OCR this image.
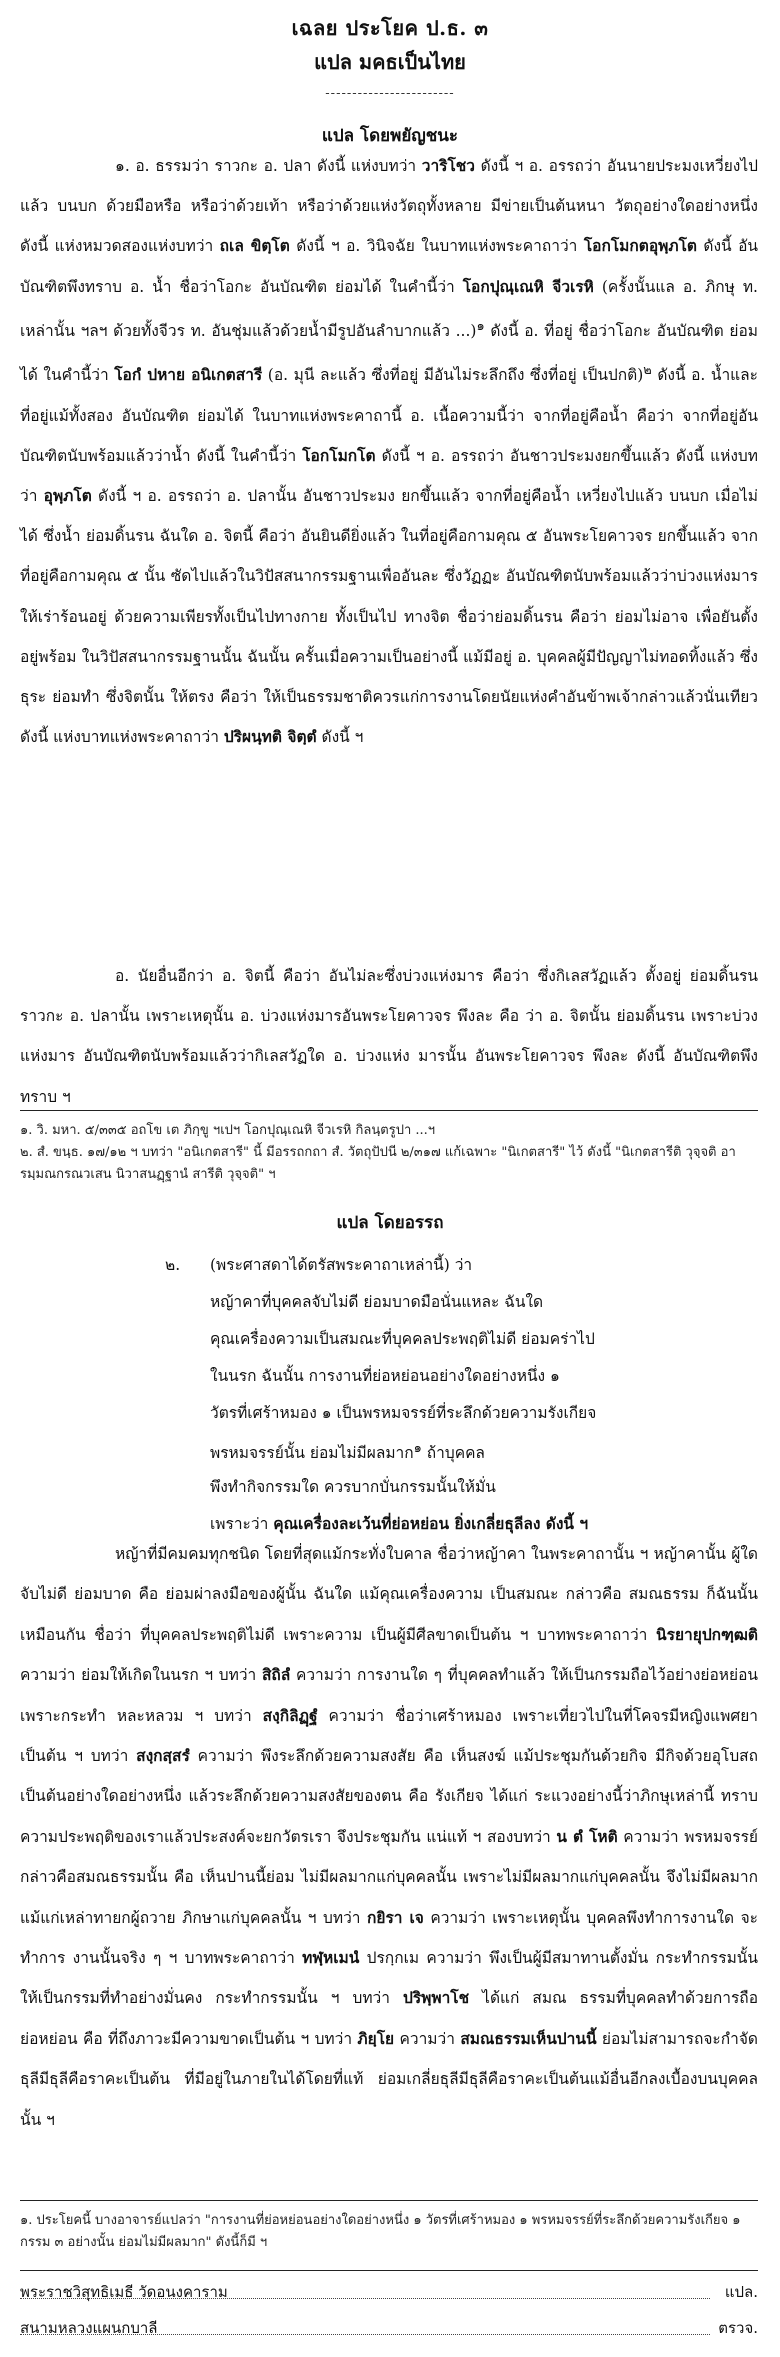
เฉลย ประโยค ป.ธ. ๓
แปล มคธเป็นไทย
------------------------
แปล โดยพยัญชนะ

๑. อ. ธรรมว่า ราวกะ อ. ปลา ดังนี้ แห่งบทว่า วาริโชว ดังนี้ ฯ อ. อรรถว่า อันนายประมงเหวี่ยงไปแล้ว บนบก ด้วยมือหรือ หรือว่าด้วยเท้า หรือว่าด้วยแห่งวัตถุทั้งหลาย มีข่ายเป็นต้นหนา วัตถุอย่างใดอย่างหนึ่ง ดังนี้ แห่งหมวดสองแห่งบทว่า ถเล ขิตฺโต ดังนี้ ฯ อ. วินิจฉัย ในบาทแห่งพระคาถาว่า โอกโมกตอุพฺภโต ดังนี้ อันบัณฑิตพึงทราบ อ. น้ำ ชื่อว่าโอกะ อันบัณฑิต ย่อมได้ ในคำนี้ว่า โอกปุณฺเณหิ จีวเรหิ (ครั้งนั้นแล อ. ภิกษุ ท. เหล่านั้น ฯลฯ ด้วยทั้งจีวร ท. อันชุ่มแล้วด้วยน้ำมีรูปอันลำบากแล้ว ...)$^๑$ ดังนี้ อ. ที่อยู่ ชื่อว่าโอกะ อันบัณฑิต ย่อมได้ ในคำนี้ว่า โอกํ ปหาย อนิเกตสารี (อ. มุนี ละแล้ว ซึ่งที่อยู่ มีอันไม่ระลึกถึง ซึ่งที่อยู่ เป็นปกติ)$^๒$ ดังนี้ อ. น้ำและที่อยู่แม้ทั้งสอง อันบัณฑิต ย่อมได้ ในบาทแห่งพระคาถานี้ อ. เนื้อความนี้ว่า จากที่อยู่คือน้ำ คือว่า จากที่อยู่อันบัณฑิตนับพร้อมแล้วว่าน้ำ ดังนี้ ในคำนี้ว่า โอกโมกโต ดังนี้ ฯ อ. อรรถว่า อันชาวประมงยกขึ้นแล้ว ดังนี้ แห่งบทว่า อุพฺภโต ดังนี้ ฯ อ. อรรถว่า อ. ปลานั้น อันชาวประมง ยกขึ้นแล้ว จากที่อยู่คือน้ำ เหวี่ยงไปแล้ว บนบก เมื่อไม่ได้ ซึ่งน้ำ ย่อมดิ้นรน ฉันใด อ. จิตนี้ คือว่า อันยินดียิ่งแล้ว ในที่อยู่คือกามคุณ ๕ อันพระโยคาวจร ยกขึ้นแล้ว จากที่อยู่คือกามคุณ ๕ นั้น ซัดไปแล้วในวิปัสสนากรรมฐานเพื่ออันละ ซึ่งวัฏฏะ อันบัณฑิตนับพร้อมแล้วว่าบ่วงแห่งมาร ให้เร่าร้อนอยู่ ด้วยความเพียรทั้งเป็นไปทางกาย ทั้งเป็นไป ทางจิต ชื่อว่าย่อมดิ้นรน คือว่า ย่อมไม่อาจ เพื่อยันตั้งอยู่พร้อม ในวิปัสสนากรรมฐานนั้น ฉันนั้น ครั้นเมื่อความเป็นอย่างนี้ แม้มีอยู่ อ. บุคคลผู้มีปัญญาไม่ทอดทิ้งแล้ว ซึ่งธุระ ย่อมทำ ซึ่งจิตนั้น ให้ตรง คือว่า ให้เป็นธรรมชาติควรแก่การงานโดยนัยแห่งคำอันข้าพเจ้ากล่าวแล้วนั่นเทียว ดังนี้ แห่งบาทแห่งพระคาถาว่า ปริผนฺทติ จิตฺตํ ดังนี้ ฯ

อ. นัยอื่นอีกว่า อ. จิตนี้ คือว่า อันไม่ละซึ่งบ่วงแห่งมาร คือว่า ซึ่งกิเลสวัฏแล้ว ตั้งอยู่ ย่อมดิ้นรน ราวกะ อ. ปลานั้น เพราะเหตุนั้น อ. บ่วงแห่งมารอันพระโยคาวจร พึงละ คือ ว่า อ. จิตนั้น ย่อมดิ้นรน เพราะบ่วงแห่งมาร อันบัณฑิตนับพร้อมแล้วว่ากิเลสวัฏใด อ. บ่วงแห่ง มารนั้น อันพระโยคาวจร พึงละ ดังนี้ อันบัณฑิตพึงทราบ ฯ

๑. วิ. มหา. ๕/๓๓๕ อถโข เต ภิกฺขู ฯเปฯ โอกปุณฺเณหิ จีวเรหิ กิลนฺตรูปา ...ฯ

๒. สํ. ขนฺธ. ๑๗/๑๒ ฯ บทว่า "อนิเกตสารี" นี้ มีอรรถกถา สํ. วัตถุปัปนี ๒/๓๑๗ แก้เฉพาะ "นิเกตสารี" ไว้ ดังนี้ "นิเกตสารีติ วุจฺจติ อารมฺมณกรณวเสน นิวาสนฏฺฐานํ สารีติ วุจฺจติ" ฯ

แปล โดยอรรถ
๒. (พระศาสดาได้ตรัสพระคาถาเหล่านี้) ว่า
หญ้าคาที่บุคคลจับไม่ดี ย่อมบาดมือนั่นแหละ ฉันใด
คุณเครื่องความเป็นสมณะที่บุคคลประพฤติไม่ดี ย่อมคร่าไป
ในนรก ฉันนั้น การงานที่ย่อหย่อนอย่างใดอย่างหนึ่ง ๑
วัตรที่เศร้าหมอง ๑ เป็นพรหมจรรย์ที่ระลึกด้วยความรังเกียจ
พรหมจรรย์นั้น ย่อมไม่มีผลมาก$^๑$ ถ้าบุคคล
พึงทำกิจกรรมใด ควรบากบั่นกรรมนั้นให้มั่น
เพราะว่า คุณเครื่องละเว้นที่ย่อหย่อน ยิ่งเกลี่ยธุลีลง ดังนี้ ฯ

หญ้าที่มีคมคมทุกชนิด โดยที่สุดแม้กระทั่งใบคาล ชื่อว่าหญ้าคา ในพระคาถานั้น ฯ หญ้าคานั้น ผู้ใดจับไม่ดี ย่อมบาด คือ ย่อมผ่าลงมือของผู้นั้น ฉันใด แม้คุณเครื่องความ เป็นสมณะ กล่าวคือ สมณธรรม ก็ฉันนั้นเหมือนกัน ชื่อว่า ที่บุคคลประพฤติไม่ดี เพราะความ เป็นผู้มีศีลขาดเป็นต้น ฯ บาทพระคาถาว่า นิรยายุปกฑฺฒติ ความว่า ย่อมให้เกิดในนรก ฯ บทว่า สิถิลํ ความว่า การงานใด ๆ ที่บุคคลทำแล้ว ให้เป็นกรรมถือไว้อย่างย่อหย่อนเพราะกระทำ หละหลวม ฯ บทว่า สงฺกิลิฏฺฐํ ความว่า ชื่อว่าเศร้าหมอง เพราะเที่ยวไปในที่โคจรมีหญิงแพศยา เป็นต้น ฯ บทว่า สงฺกสฺสรํ ความว่า พึงระลึกด้วยความสงสัย คือ เห็นสงฆ์ แม้ประชุมกันด้วยกิจ มีกิจด้วยอุโบสถเป็นต้นอย่างใดอย่างหนึ่ง แล้วระลึกด้วยความสงสัยของตน คือ รังเกียจ ได้แก่ ระแวงอย่างนี้ว่าภิกษุเหล่านี้ ทราบความประพฤติของเราแล้วประสงค์จะยกวัตรเรา จึงประชุมกัน แน่แท้ ฯ สองบทว่า น ตํ โหติ ความว่า พรหมจรรย์ กล่าวคือสมณธรรมนั้น คือ เห็นปานนี้ย่อม ไม่มีผลมากแก่บุคคลนั้น เพราะไม่มีผลมากแก่บุคคลนั้น จึงไม่มีผลมากแม้แก่เหล่าทายกผู้ถวาย ภิกษาแก่บุคคลนั้น ฯ บทว่า กยิรา เจ ความว่า เพราะเหตุนั้น บุคคลพึงทำการงานใด จะทำการ งานนั้นจริง ๆ ฯ บาทพระคาถาว่า ทฬฺหเมนํ ปรกฺกเม ความว่า พึงเป็นผู้มีสมาทานตั้งมั่น กระทำกรรมนั้น ให้เป็นกรรมที่ทำอย่างมั่นคง กระทำกรรมนั้น ฯ บทว่า ปริพฺพาโช ได้แก่ สมณ ธรรมที่บุคคลทำด้วยการถือย่อหย่อน คือ ที่ถึงภาวะมีความขาดเป็นต้น ฯ บทว่า ภิยฺโย ความว่า สมณธรรมเห็นปานนี้ ย่อมไม่สามารถจะกำจัดธุลีมีธุลีคือราคะเป็นต้น ที่มีอยู่ในภายในได้โดยที่แท้ ย่อมเกลี่ยธุลีมีธุลีคือราคะเป็นต้นแม้อื่นอีกลงเบื้องบนบุคคลนั้น ฯ

๑. ประโยคนี้ บางอาจารย์แปลว่า "การงานที่ย่อหย่อนอย่างใดอย่างหนึ่ง ๑ วัตรที่เศร้าหมอง ๑ พรหมจรรย์ที่ระลึกด้วยความรังเกียจ ๑ กรรม ๓ อย่างนั้น ย่อมไม่มีผลมาก" ดังนี้ก็มี ฯ

พระราชวิสุทธิเมธี วัดอนงคาราม	แปล.
สนามหลวงแผนกบาลี	ตรวจ.
